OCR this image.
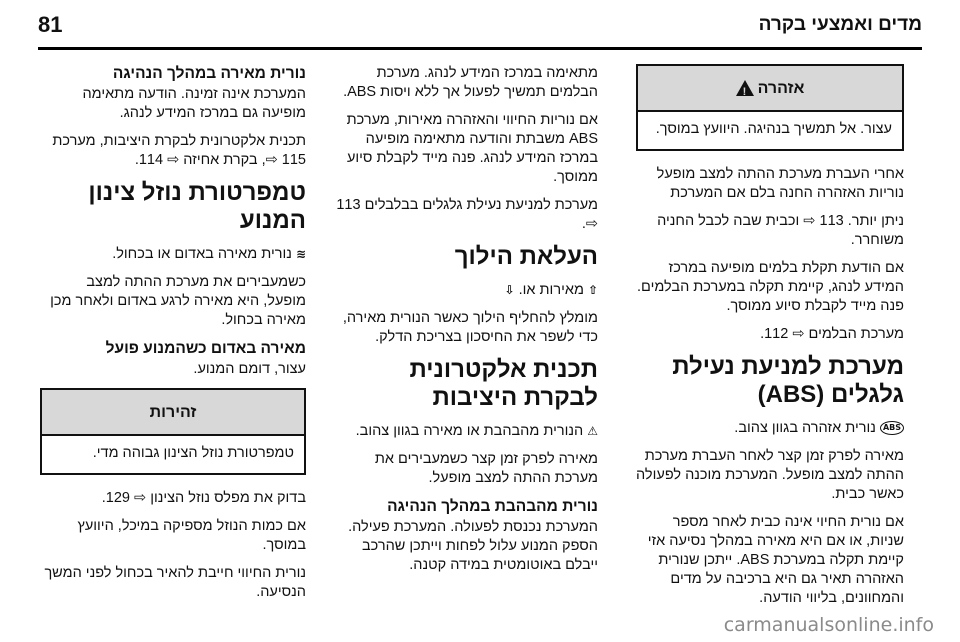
81	מדים ואמצעי בקרה
אזהרה
!
עצור. אל תמשיך בנהיגה. היוועץ במוסך.

אחרי העברת מערכת ההתה למצב מופעל נוריות האזהרה החנה בלם אם המערכת

ניתן יותר. 113 ⇨ וכבית שבה לכבל החניה משוחרר.

אם הודעת תקלת בלמים מופיעה במרכז המידע לנהג, קיימת תקלה במערכת הבלמים. פנה מייד לקבלת סיוע ממוסך.

מערכת הבלמים ⇨ 112.

מערכת למניעת נעילת גלגלים (ABS)

ABS נורית אזהרה בגוון צהוב.

מאירה לפרק זמן קצר לאחר העברת מערכת ההתה למצב מופעל. המערכת מוכנה לפעולה כאשר כבית.

אם נורית החיוי אינה כבית לאחר מספר שניות, או אם היא מאירה במהלך נסיעה אזי קיימת תקלה במערכת ABS. ייתכן שנורית האזהרה תאיר גם היא ברכיבה על מדים והמחוונים, בליווי הודעה.

מתאימה במרכז המידע לנהג. מערכת הבלמים תמשיך לפעול אך ללא ויסות ABS.

אם נוריות החיווי והאזהרה מאירות, מערכת ABS משבתת והודעה מתאימה מופיעה במרכז המידע לנהג. פנה מייד לקבלת סיוע ממוסך.

מערכת למניעת נעילת גלגלים בבלבלים 113 ⇨.

העלאת הילוך

⇧ מאירות או. ⇩

מומלץ להחליף הילוך כאשר הנורית מאירה, כדי לשפר את החיסכון בצריכת הדלק.

תכנית אלקטרונית לבקרת היציבות

⚠ הנורית מהבהבת או מאירה בגוון צהוב.

מאירה לפרק זמן קצר כשמעבירים את מערכת ההתה למצב מופעל.

נורית מהבהבת במהלך הנהיגה

המערכת נכנסת לפעולה. המערכת פעילה. הספק המנוע עלול לפחות וייתכן שהרכב ייבלם באוטומטית במידה קטנה.

נורית מאירה במהלך הנהיגה

המערכת אינה זמינה. הודעה מתאימה מופיעה גם במרכז המידע לנהג.

תכנית אלקטרונית לבקרת היציבות, מערכת 115 ⇨, בקרת אחיזה ⇨ 114.

טמפרטורת נוזל צינון המנוע

≋ נורית מאירה באדום או בכחול.

כשמעבירים את מערכת ההתה למצב מופעל, היא מאירה לרגע באדום ולאחר מכן מאירה בכחול.

מאירה באדום כשהמנוע פועל

עצור, דומם המנוע.

זהירות
טמפרטורת נוזל הצינון גבוהה מדי.

בדוק את מפלס נוזל הצינון ⇨ 129.

אם כמות הנוזל מספיקה במיכל, היוועץ במוסך.

נורית החיווי חייבת להאיר בכחול לפני המשך הנסיעה.

carmanualsonline.info
